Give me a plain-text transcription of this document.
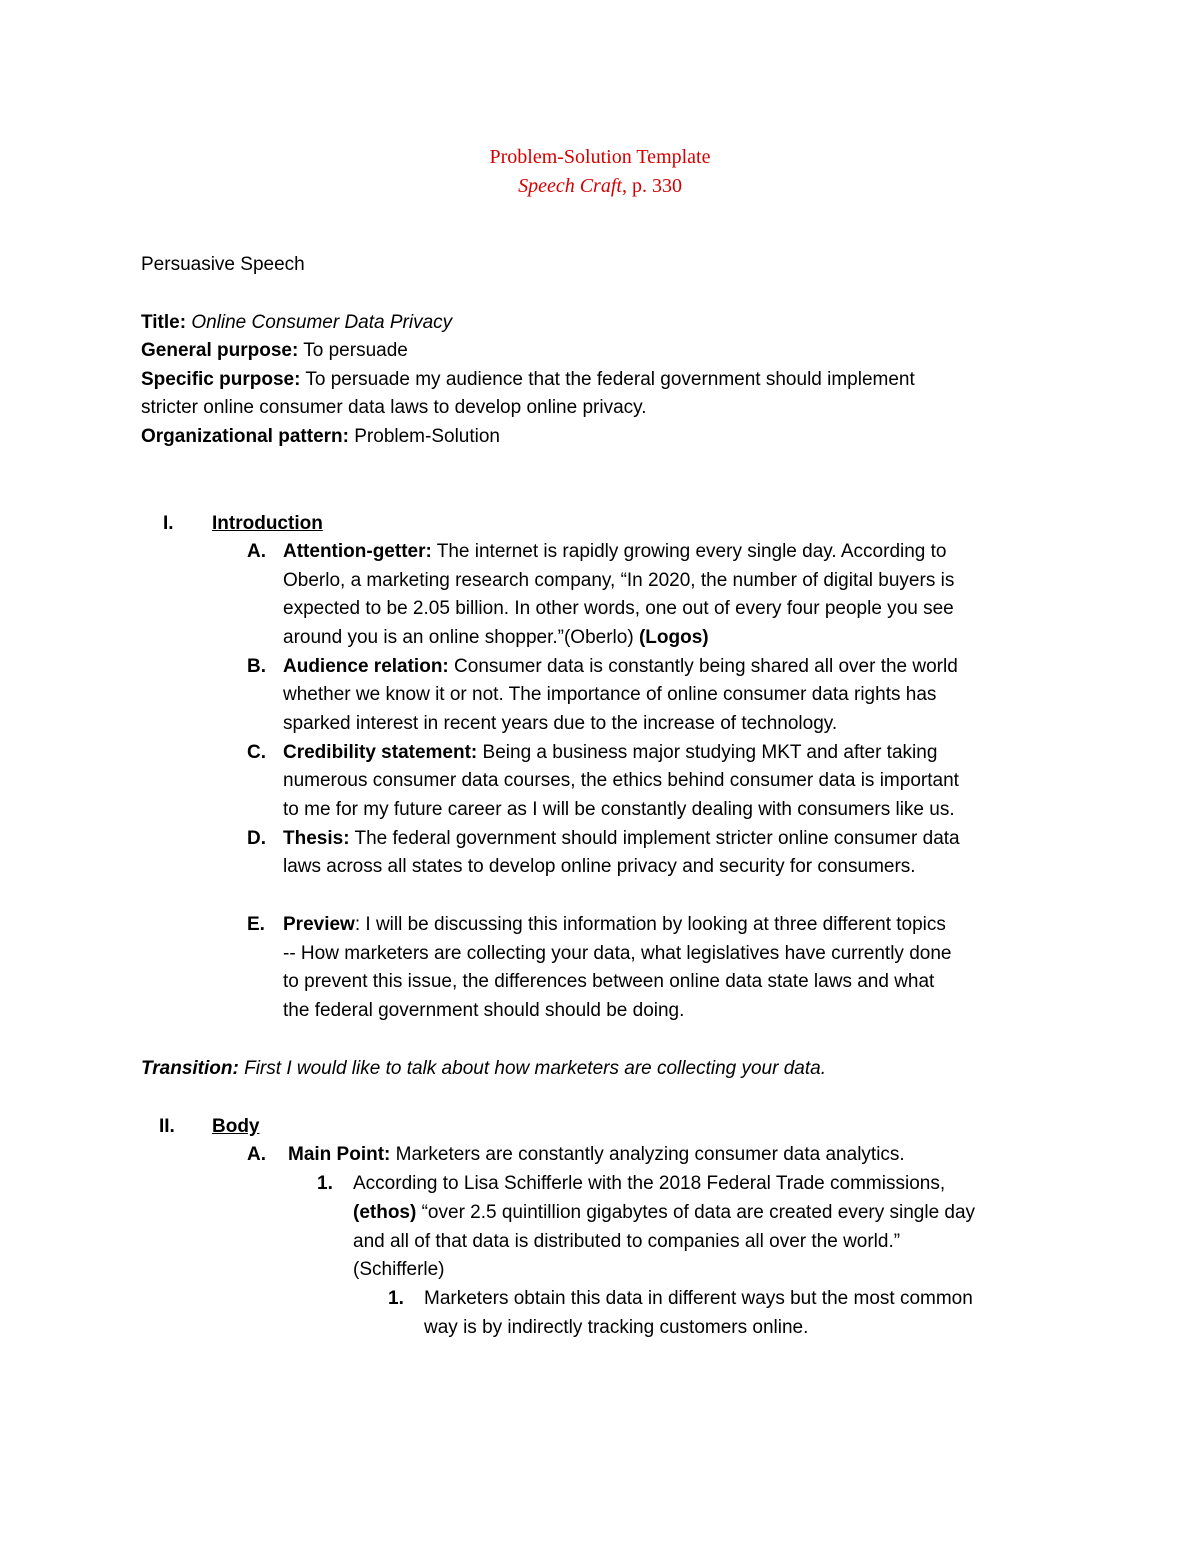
Problem-Solution Template
Speech Craft, p. 330
Persuasive Speech
Title: Online Consumer Data Privacy
General purpose: To persuade
Specific purpose: To persuade my audience that the federal government should implement
stricter online consumer data laws to develop online privacy.
Organizational pattern: Problem-Solution
I. Introduction
A. Attention-getter: The internet is rapidly growing every single day. According to
Oberlo, a marketing research company, “In 2020, the number of digital buyers is
expected to be 2.05 billion. In other words, one out of every four people you see
around you is an online shopper.”(Oberlo) (Logos)
B. Audience relation: Consumer data is constantly being shared all over the world
whether we know it or not. The importance of online consumer data rights has
sparked interest in recent years due to the increase of technology.
C. Credibility statement: Being a business major studying MKT and after taking
numerous consumer data courses, the ethics behind consumer data is important
to me for my future career as I will be constantly dealing with consumers like us.
D. Thesis: The federal government should implement stricter online consumer data
laws across all states to develop online privacy and security for consumers.
E. Preview: I will be discussing this information by looking at three different topics
-- How marketers are collecting your data, what legislatives have currently done
to prevent this issue, the differences between online data state laws and what
the federal government should should be doing.
Transition: First I would like to talk about how marketers are collecting your data.
II. Body
A. Main Point: Marketers are constantly analyzing consumer data analytics.
1. According to Lisa Schifferle with the 2018 Federal Trade commissions,
(ethos) “over 2.5 quintillion gigabytes of data are created every single day
and all of that data is distributed to companies all over the world.”
(Schifferle)
1. Marketers obtain this data in different ways but the most common
way is by indirectly tracking customers online.
